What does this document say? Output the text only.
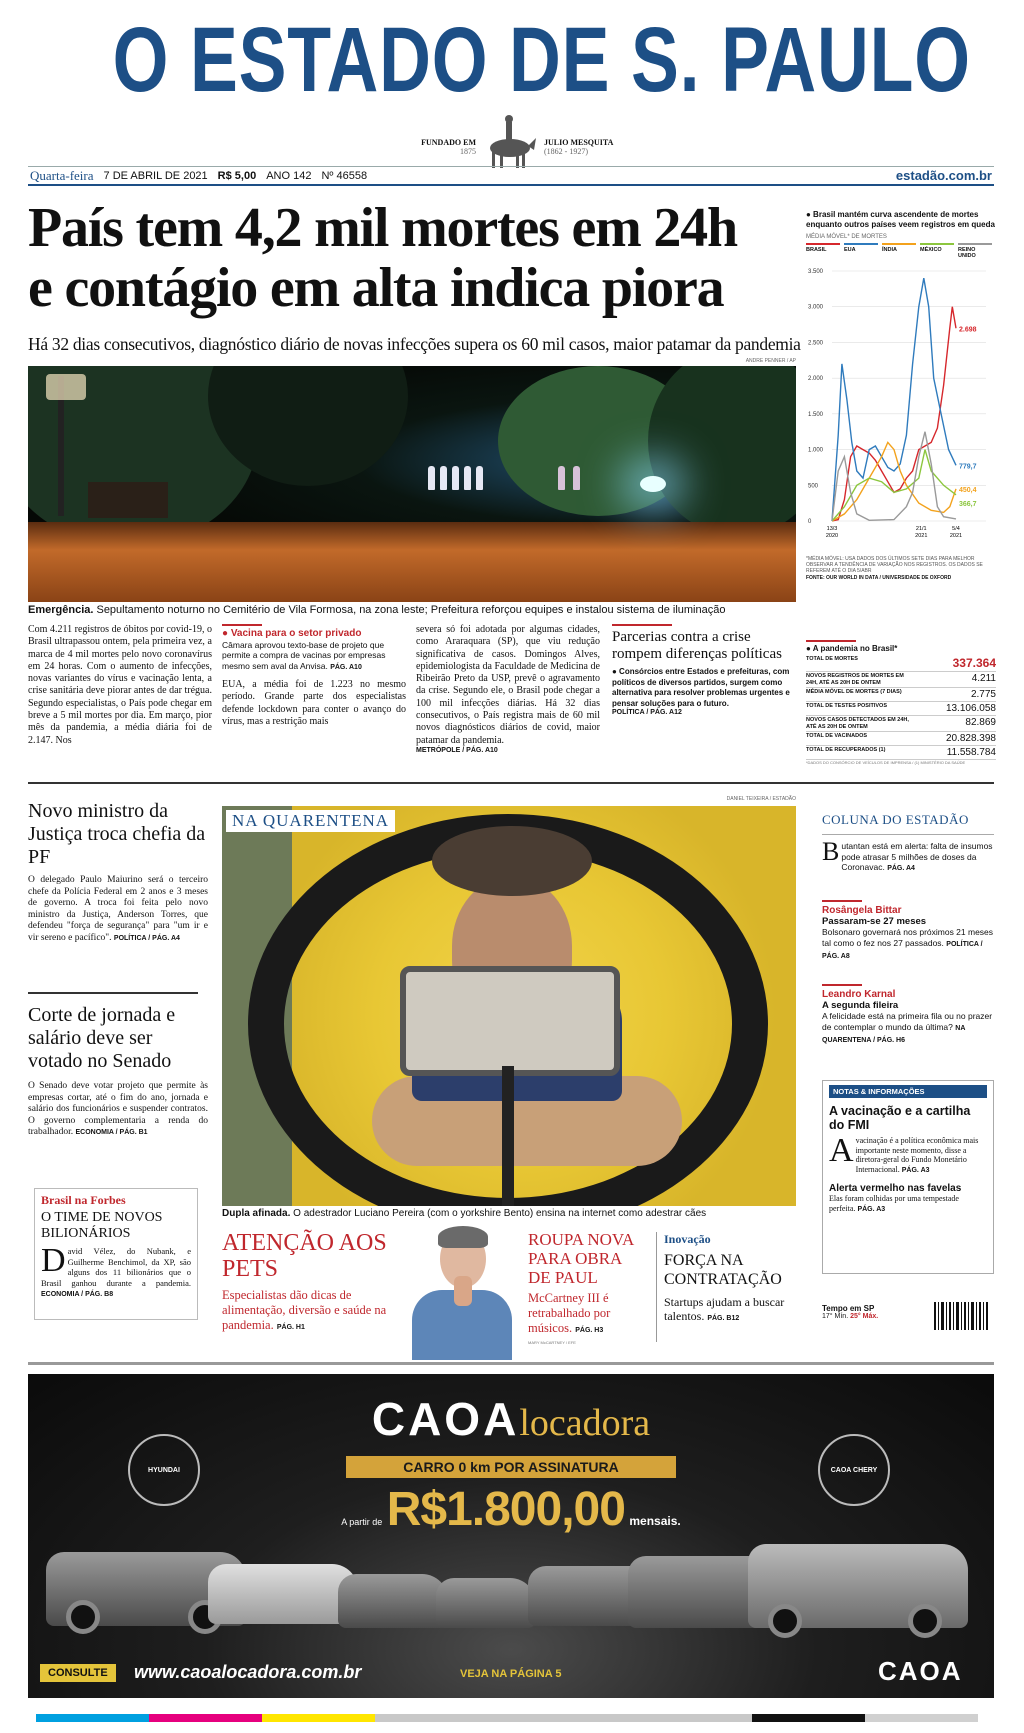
O ESTADO DE S. PAULO
FUNDADO EM
1875
JULIO MESQUITA
(1862 - 1927)
Quarta-feira 7 DE ABRIL DE 2021 R$ 5,00 ANO 142 Nº 46558	estadão.com.br
País tem 4,2 mil mortes em 24h
e contágio em alta indica piora
Há 32 dias consecutivos, diagnóstico diário de novas infecções supera os 60 mil casos, maior patamar da pandemia
ANDRE PENNER / AP
Emergência. Sepultamento noturno no Cemitério de Vila Formosa, na zona leste; Prefeitura reforçou equipes e instalou sistema de iluminação
Com 4.211 registros de óbitos por covid-19, o Brasil ultrapassou ontem, pela primeira vez, a marca de 4 mil mortes pelo novo coronavírus em 24 horas. Com o aumento de infecções, novas variantes do vírus e vacinação lenta, a crise sanitária deve piorar antes de dar trégua. Segundo especialistas, o País pode chegar em breve a 5 mil mortes por dia. Em março, pior mês da pandemia, a média diária foi de 2.147. Nos
● Vacina para o setor privado
Câmara aprovou texto-base de projeto que permite a compra de vacinas por empresas mesmo sem aval da Anvisa. PÁG. A10
EUA, a média foi de 1.223 no mesmo período. Grande parte dos especialistas defende lockdown para conter o avanço do vírus, mas a restrição mais
severa só foi adotada por algumas cidades, como Araraquara (SP), que viu redução significativa de casos. Domingos Alves, epidemiologista da Faculdade de Medicina de Ribeirão Preto da USP, prevê o agravamento da crise. Segundo ele, o Brasil pode chegar a 100 mil infecções diárias. Há 32 dias consecutivos, o País registra mais de 60 mil novos diagnósticos diários de covid, maior patamar da pandemia.
METRÓPOLE / PÁG. A10
Parcerias contra a crise rompem diferenças políticas
● Consórcios entre Estados e prefeituras, com políticos de diversos partidos, surgem como alternativa para resolver problemas urgentes e pensar soluções para o futuro.
POLÍTICA / PÁG. A12
● Brasil mantém curva ascendente de mortes enquanto outros países veem registros em queda
MÉDIA MÓVEL* DE MORTES
BRASIL	EUA	ÍNDIA	MÉXICO	REINO UNIDO
3.500
3.000
2.500
2.000
1.500
1.000
500
0
13/3
2020
21/1
2021
5/4
2021
2.698
779,7
450,4
366,7
*MÉDIA MÓVEL: USA DADOS DOS ÚLTIMOS SETE DIAS PARA MELHOR OBSERVAR A TENDÊNCIA DE VARIAÇÃO NOS REGISTROS. OS DADOS SE REFEREM ATÉ O DIA 5/ABR
FONTE: OUR WORLD IN DATA / UNIVERSIDADE DE OXFORD
● A pandemia no Brasil*
TOTAL DE MORTES	337.364
NOVOS REGISTROS DE MORTES EM 24H, ATÉ AS 20H DE ONTEM	4.211
MÉDIA MÓVEL DE MORTES (7 DIAS)	2.775
TOTAL DE TESTES POSITIVOS	13.106.058
NOVOS CASOS DETECTADOS EM 24H, ATÉ AS 20H DE ONTEM	82.869
TOTAL DE VACINADOS	20.828.398
TOTAL DE RECUPERADOS (1)	11.558.784
*DADOS DO CONSÓRCIO DE VEÍCULOS DE IMPRENSA / (1) MINISTÉRIO DA SAÚDE
Novo ministro da Justiça troca chefia da PF
O delegado Paulo Maiurino será o terceiro chefe da Polícia Federal em 2 anos e 3 meses de governo. A troca foi feita pelo novo ministro da Justiça, Anderson Torres, que defendeu "força de segurança" para "um ir e vir sereno e pacífico". POLÍTICA / PÁG. A4
Corte de jornada e salário deve ser votado no Senado
O Senado deve votar projeto que permite às empresas cortar, até o fim do ano, jornada e salário dos funcionários e suspender contratos. O governo complementaria a renda do trabalhador. ECONOMIA / PÁG. B1
Brasil na Forbes
O TIME DE NOVOS BILIONÁRIOS
David Vélez, do Nubank, e Guilherme Benchimol, da XP, são alguns dos 11 bilionários que o Brasil ganhou durante a pandemia. ECONOMIA / PÁG. B8
DANIEL TEIXEIRA / ESTADÃO
NA QUARENTENA
Dupla afinada. O adestrador Luciano Pereira (com o yorkshire Bento) ensina na internet como adestrar cães
ATENÇÃO AOS PETS
Especialistas dão dicas de alimentação, diversão e saúde na pandemia. PÁG. H1
ROUPA NOVA PARA OBRA DE PAUL
McCartney III é retrabalhado por músicos. PÁG. H3
MARY McCARTNEY / EFE
Inovação
FORÇA NA CONTRATAÇÃO
Startups ajudam a buscar talentos. PÁG. B12
COLUNA DO ESTADÃO
Butantan está em alerta: falta de insumos pode atrasar 5 milhões de doses da Coronavac. PÁG. A4
Rosângela Bittar
Passaram-se 27 meses
Bolsonaro governará nos próximos 21 meses tal como o fez nos 27 passados. POLÍTICA / PÁG. A8
Leandro Karnal
A segunda fileira
A felicidade está na primeira fila ou no prazer de contemplar o mundo da última? NA QUARENTENA / PÁG. H6
NOTAS & INFORMAÇÕES
A vacinação e a cartilha do FMI
Avacinação é a política econômica mais importante neste momento, disse a diretora-geral do Fundo Monetário Internacional. PÁG. A3
Alerta vermelho nas favelas
Elas foram colhidas por uma tempestade perfeita. PÁG. A3
Tempo em SP
17° Mín. 25° Máx.
HYUNDAI	CAOA CHERY
CAOAlocadora
CARRO 0 km POR ASSINATURA
A partir de R$1.800,00 mensais.
CONSULTE	www.caoalocadora.com.br	VEJA NA PÁGINA 5	CAOA
